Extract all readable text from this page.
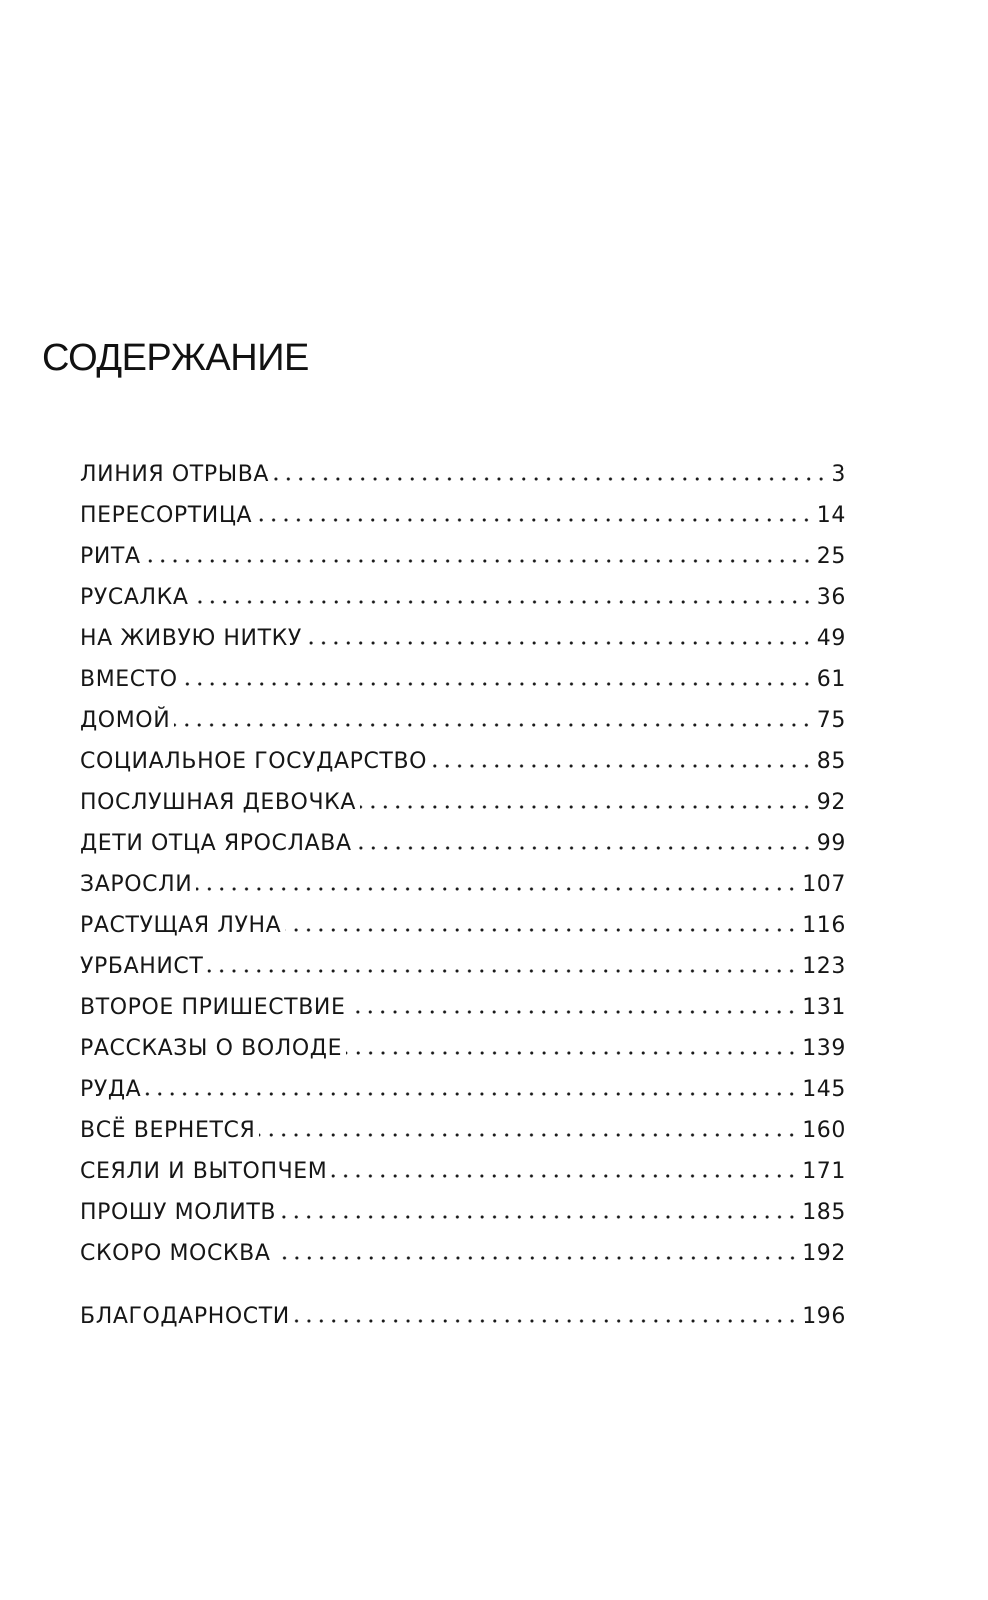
СОДЕРЖАНИЕ
ЛИНИЯ ОТРЫВА	3
ПЕРЕСОРТИЦА	14
РИТА	25
РУСАЛКА	36
НА ЖИВУЮ НИТКУ	49
ВМЕСТО	61
ДОМОЙ	75
СОЦИАЛЬНОЕ ГОСУДАРСТВО	85
ПОСЛУШНАЯ ДЕВОЧКА	92
ДЕТИ ОТЦА ЯРОСЛАВА	99
ЗАРОСЛИ	107
РАСТУЩАЯ ЛУНА	116
УРБАНИСТ	123
ВТОРОЕ ПРИШЕСТВИЕ	131
РАССКАЗЫ О ВОЛОДЕ	139
РУДА	145
ВСЁ ВЕРНЕТСЯ	160
СЕЯЛИ И ВЫТОПЧЕМ	171
ПРОШУ МОЛИТВ	185
СКОРО МОСКВА	192
БЛАГОДАРНОСТИ	196
